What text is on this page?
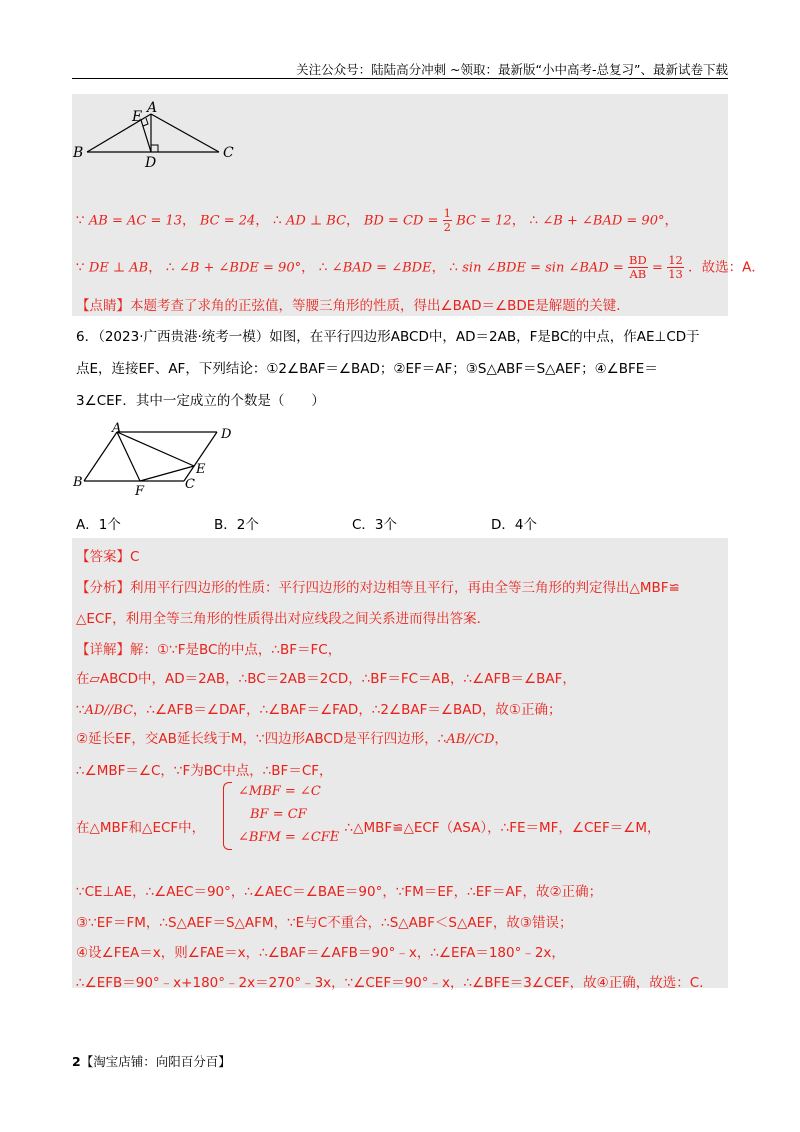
关注公众号：陆陆高分冲刺 ~领取：最新版“小中高考-总复习”、最新试卷下载
A
E
B	C
D
∵ AB = AC = 13， BC = 24， ∴ AD ⊥ BC， BD = CD = $\frac{1}{2}$ BC = 12， ∴ ∠B + ∠BAD = 90°，
∵ DE ⊥ AB， ∴ ∠B + ∠BDE = 90°， ∴ ∠BAD = ∠BDE， ∴ sin ∠BDE = sin ∠BAD = $\frac{BD}{AB} = \frac{12}{13}$ ．故选：A．
【点睛】本题考查了求角的正弦值，等腰三角形的性质，得出∠BAD＝∠BDE是解题的关键．
6．（2023·广西贵港·统考一模）如图，在平行四边形ABCD中，AD＝2AB，F是BC的中点，作AE⊥CD于
点E，连接EF、AF，下列结论：①2∠BAF＝∠BAD；②EF＝AF；③S△ABF＝S△AEF；④∠BFE＝
3∠CEF．其中一定成立的个数是（　　）
A	D
B
F	C
E
A．1个	B．2个	C．3个	D．4个
【答案】C
【分析】利用平行四边形的性质：平行四边形的对边相等且平行，再由全等三角形的判定得出△MBF≌
△ECF，利用全等三角形的性质得出对应线段之间关系进而得出答案．
【详解】解：①∵F是BC的中点，∴BF＝FC，
在▱ABCD中，AD＝2AB，∴BC＝2AB＝2CD，∴BF＝FC＝AB，∴∠AFB＝∠BAF，
∵AD//BC，∴∠AFB＝∠DAF，∴∠BAF＝∠FAD，∴2∠BAF＝∠BAD，故①正确；
②延长EF，交AB延长线于M，∵四边形ABCD是平行四边形，∴AB//CD，
∴∠MBF＝∠C，∵F为BC中点，∴BF＝CF，
∠MBF = ∠C
BF = CF
∠BFM = ∠CFE
在△MBF和△ECF中，	，∴△MBF≌△ECF（ASA），∴FE＝MF，∠CEF＝∠M，
∵CE⊥AE，∴∠AEC＝90°，∴∠AEC＝∠BAE＝90°，∵FM＝EF，∴EF＝AF，故②正确；
③∵EF＝FM，∴S△AEF＝S△AFM，∵E与C不重合，∴S△ABF＜S△AEF，故③错误；
④设∠FEA＝x，则∠FAE＝x，∴∠BAF＝∠AFB＝90°﹣x，∴∠EFA＝180°﹣2x，
∴∠EFB＝90°﹣x+180°﹣2x＝270°﹣3x，∵∠CEF＝90°﹣x，∴∠BFE＝3∠CEF，故④正确，故选：C．
2【淘宝店铺：向阳百分百】
